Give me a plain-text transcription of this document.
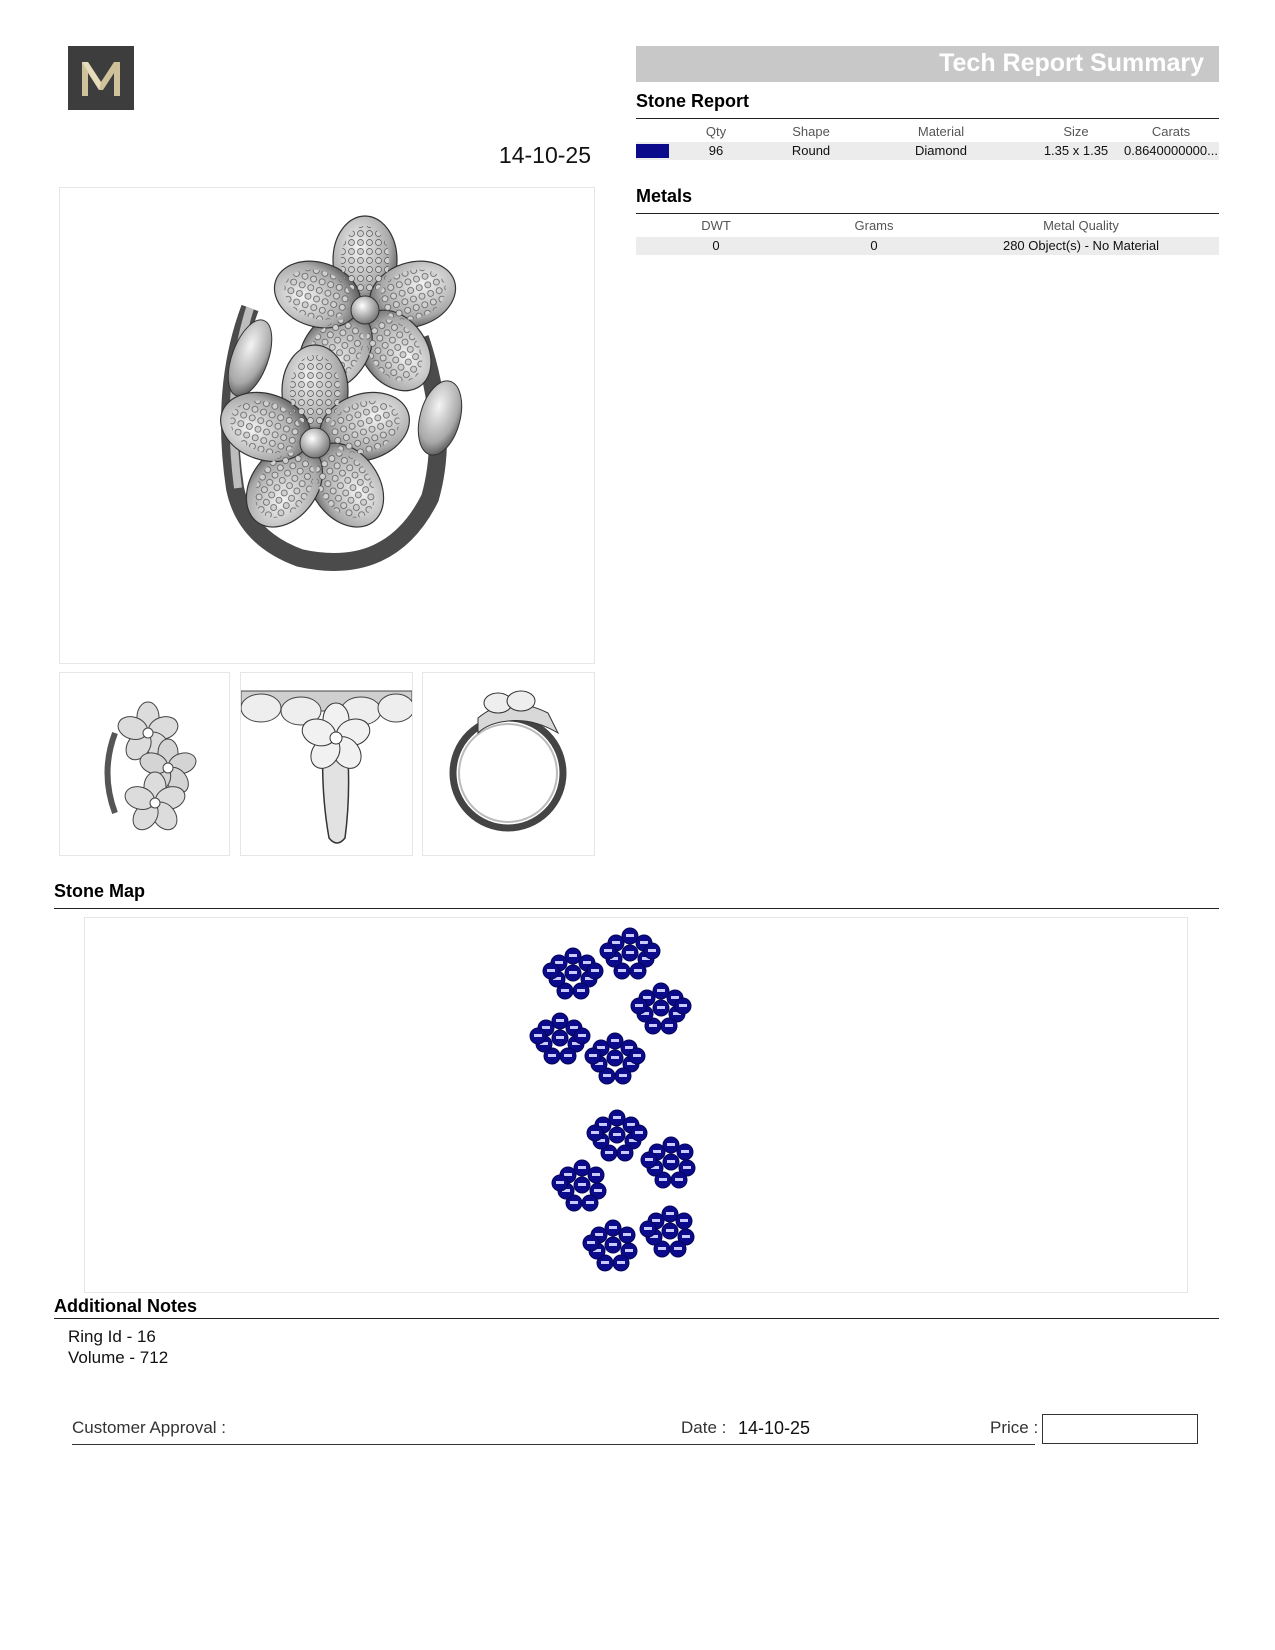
14-10-25
Tech Report Summary
Stone Report
Qty	Shape	Material	Size	Carats
96	Round	Diamond	1.35 x 1.35	0.8640000000...
Metals
DWT	Grams	Metal Quality
0	0	280 Object(s) - No Material
Stone Map
Additional Notes
Ring Id - 16
Volume - 712
Customer Approval :	Date : 14-10-25	Price :
